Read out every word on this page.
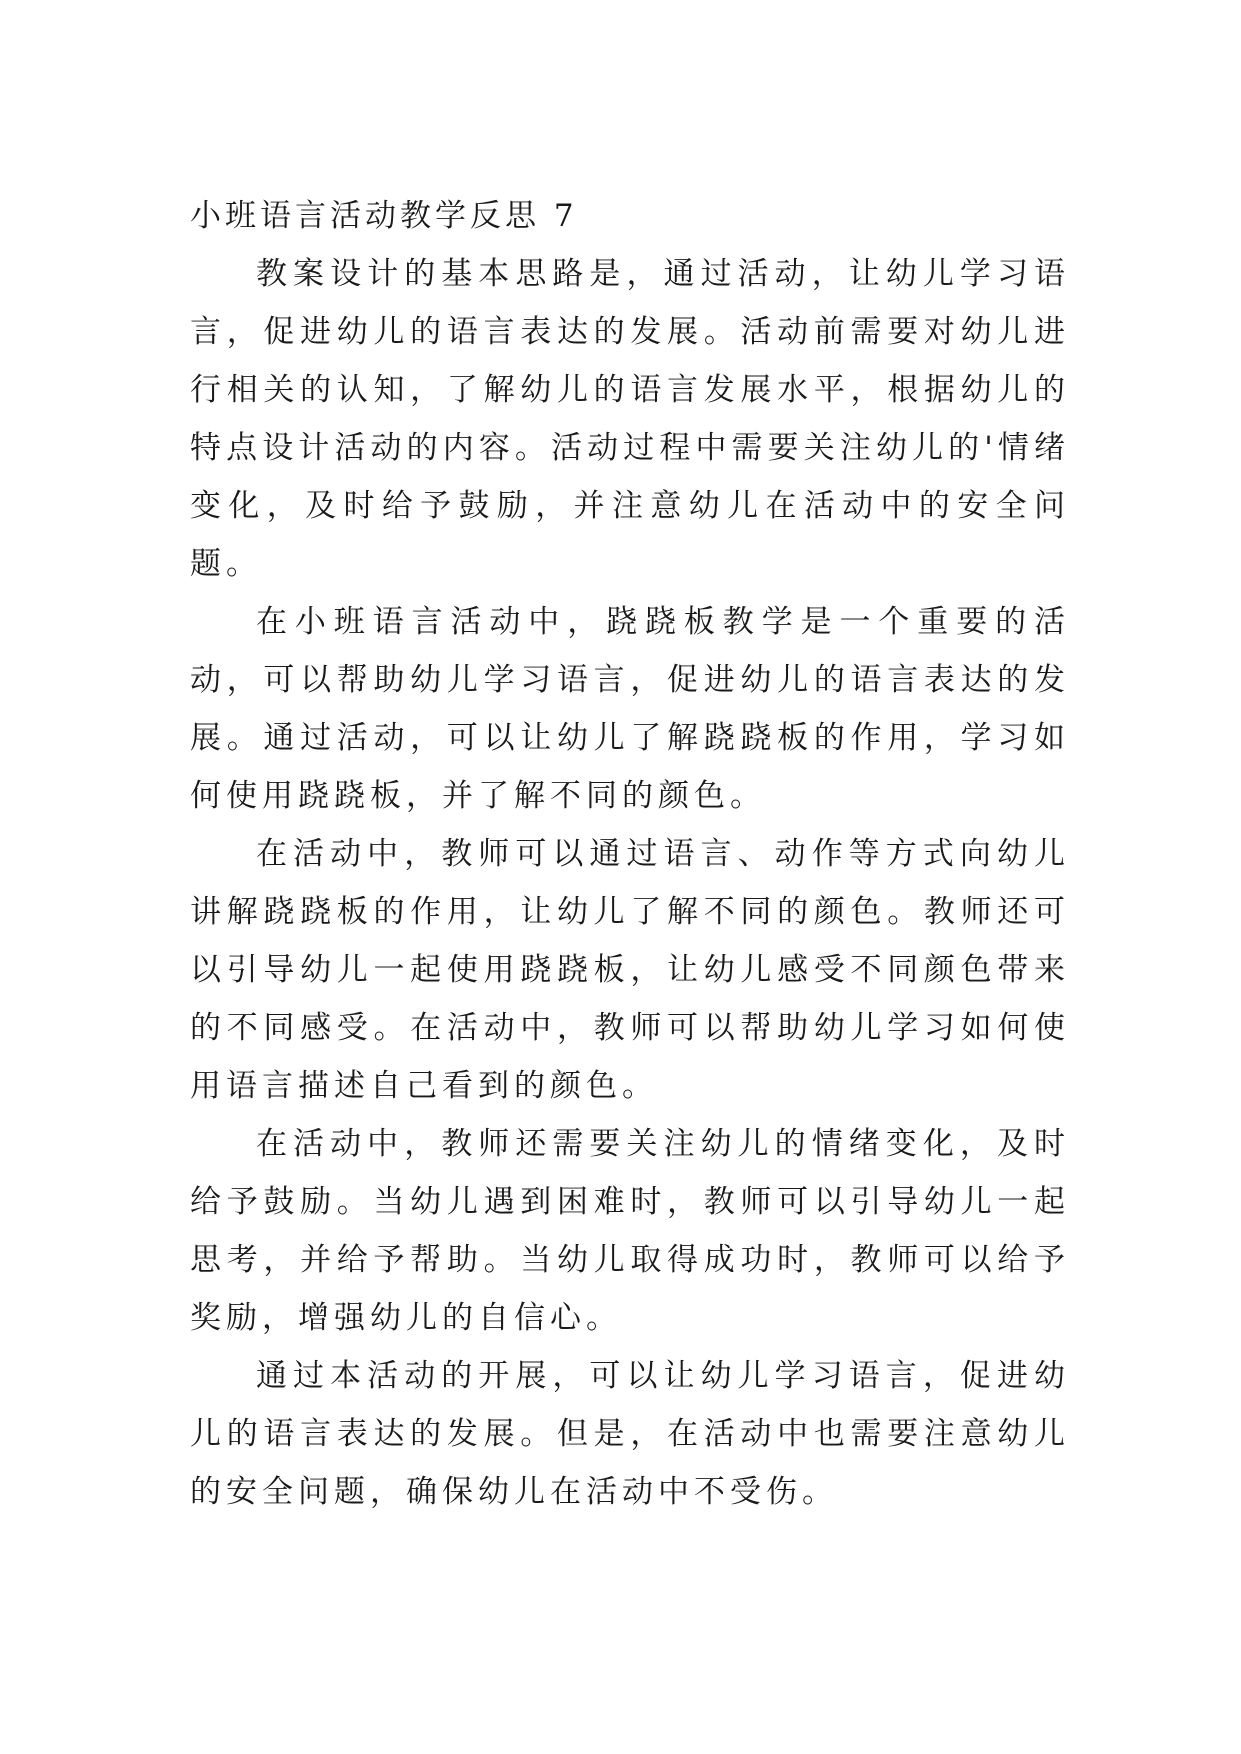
小班语言活动教学反思 7

教案设计的基本思路是，通过活动，让幼儿学习语言，促进幼儿的语言表达的发展。活动前需要对幼儿进行相关的认知，了解幼儿的语言发展水平，根据幼儿的特点设计活动的内容。活动过程中需要关注幼儿的'情绪变化，及时给予鼓励，并注意幼儿在活动中的安全问题。

在小班语言活动中，跷跷板教学是一个重要的活动，可以帮助幼儿学习语言，促进幼儿的语言表达的发展。通过活动，可以让幼儿了解跷跷板的作用，学习如何使用跷跷板，并了解不同的颜色。

在活动中，教师可以通过语言、动作等方式向幼儿讲解跷跷板的作用，让幼儿了解不同的颜色。教师还可以引导幼儿一起使用跷跷板，让幼儿感受不同颜色带来的不同感受。在活动中，教师可以帮助幼儿学习如何使用语言描述自己看到的颜色。

在活动中，教师还需要关注幼儿的情绪变化，及时给予鼓励。当幼儿遇到困难时，教师可以引导幼儿一起思考，并给予帮助。当幼儿取得成功时，教师可以给予奖励，增强幼儿的自信心。

通过本活动的开展，可以让幼儿学习语言，促进幼儿的语言表达的发展。但是，在活动中也需要注意幼儿的安全问题，确保幼儿在活动中不受伤。
